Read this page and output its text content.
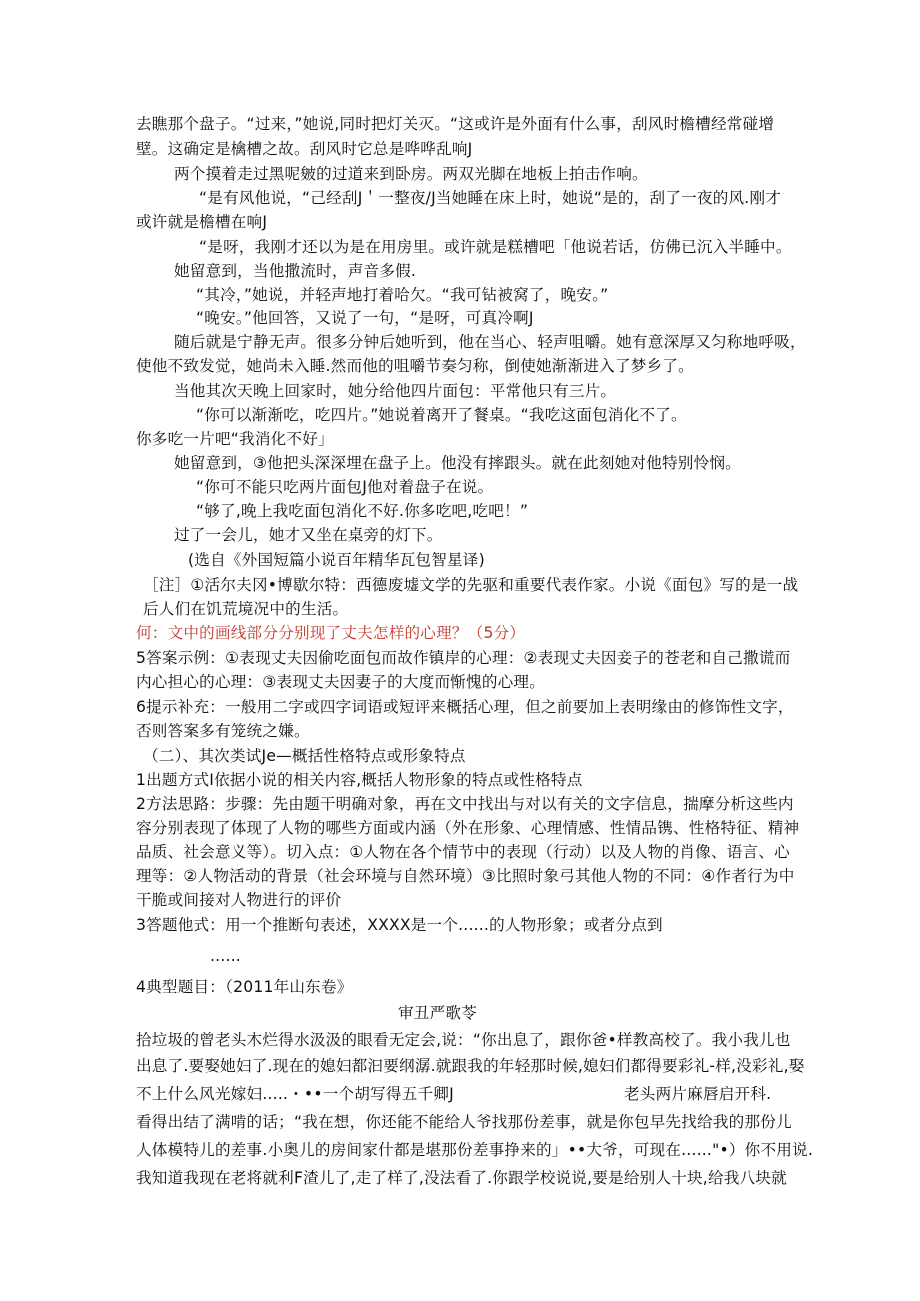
去瞧那个盘子。“过来，”她说,同时把灯关灭。“这或许是外面有什么事，刮风时檐槽经常碰增

壁。这确定是檎槽之故。刮风时它总是哗哗乱响J

两个摸着走过黑呢皴的过道来到卧房。两双光脚在地板上拍击作响。

“是有风他说，“己经刮J＇一整夜/J当她睡在床上时，她说“是的，刮了一夜的风.刚才

或许就是檐槽在响J

“是呀，我刚才还以为是在用房里。或许就是糕槽吧「他说若话，仿佛已沉入半睡中。

她留意到，当他撒流时，声音多假.

“其冷，”她说，并轻声地打着哈欠。“我可钻被窝了，晚安。”

“晚安。”他回答，又说了一句，“是呀，可真冷啊J

随后就是宁静无声。很多分钟后她听到，他在当心、轻声咀嚼。她有意深厚又匀称地呼吸，

使他不致发觉，她尚未入睡.然而他的咀嚼节奏匀称，倒使她渐渐进入了梦乡了。

当他其次天晚上回家时，她分给他四片面包：平常他只有三片。

“你可以渐渐吃，吃四片。”她说着离开了餐桌。“我吃这面包消化不了。

你多吃一片吧“我消化不好」

她留意到，③他把头深深埋在盘子上。他没有摔跟头。就在此刻她对他特别怜悯。

“你可不能只吃两片面包J他对着盘子在说。

“够了,晚上我吃面包消化不好.你多吃吧,吃吧！”

过了一会儿，她才又坐在桌旁的灯下。

(选自《外国短篇小说百年精华瓦包智星译)

［注］①活尔夫冈•博歇尔特：西德废墟文学的先驱和重要代表作家。小说《面包》写的是一战

后人们在饥荒境况中的生活。

何：文中的画线部分分别现了丈夫怎样的心理？（5分）

5答案示例：①表现丈夫因偷吃面包而故作镇岸的心理：②表现丈夫因妾子的苍老和自己撒谎而

内心担心的心理：③表现丈夫因妻子的大度而惭愧的心理。

6提示补充：一般用二字或四字词语或短评来概括心理，但之前要加上表明缘由的修饰性文字，

否则答案多有笼统之嫌。

（二）、其次类试Je—概括性格特点或形象特点

1出题方式Ⅰ依据小说的相关内容,概括人物形象的特点或性格特点

2方法思路：步骤：先由题干明确对象，再在文中找出与对以有关的文字信息，揣摩分析这些内

容分别表现了体现了人物的哪些方面或内涵（外在形象、心理情感、性情品镌、性格特征、精神

品质、社会意义等）。切入点：①人物在各个情节中的表现（行动）以及人物的肖像、语言、心

理等：②人物活动的背景（社会环境与自然环境）③比照时象弓其他人物的不同：④作者行为中

干脆或间接对人物进行的评价

3答题他式：用一个推断句表述，XXXX是一个......的人物形象；或者分点到

......

4典型题目：（2011年山东卷》

审丑严歌苓

拾垃圾的曾老头木烂得水汲汲的眼看无定会,说：“你出息了，跟你爸•样教高校了。我小我儿也

出息了.要娶她妇了.现在的媳妇都汩要纲潺.就跟我的年轻那时候,媳妇们都得要彩礼-样,没彩礼,娶

不上什么风光嫁妇.....・••一个胡写得五千卿J	老头两片麻唇启开科.

看得出结了满啃的话；“我在想，你还能不能给人爷找那份差事，就是你包早先找给我的那份儿

人体模特儿的差事.小奥儿的房间家什都是堪那份差事挣来的」••大爷，可现在......"•）你不用说.

我知道我现在老将就利F渣儿了,走了样了,没法看了.你跟学校说说,要是给别人十块,给我八块就
